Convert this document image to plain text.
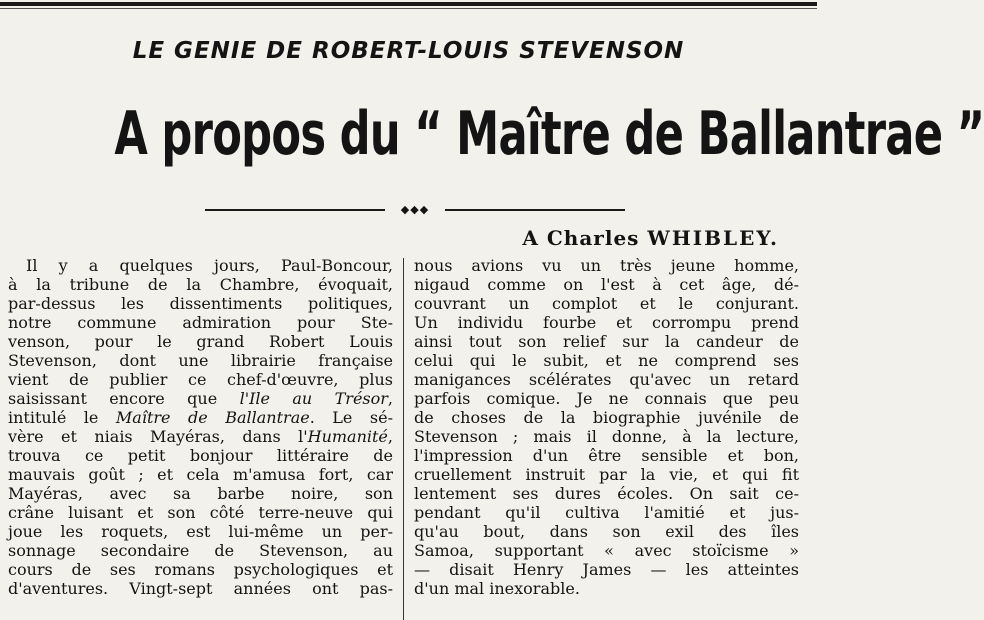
LE GENIE DE ROBERT-LOUIS STEVENSON
A propos du “ Maître de Ballantrae ”
◆◆◆
A Charles WHIBLEY.
Il y a quelques jours, Paul-Boncour,
à la tribune de la Chambre, évoquait,
par-dessus les dissentiments politiques,
notre commune admiration pour Ste-
venson, pour le grand Robert Louis
Stevenson, dont une librairie française
vient de publier ce chef-d'œuvre, plus
saisissant encore que l'Ile au Trésor,
intitulé le Maître de Ballantrae. Le sé-
vère et niais Mayéras, dans l'Humanité,
trouva ce petit bonjour littéraire de
mauvais goût ; et cela m'amusa fort, car
Mayéras, avec sa barbe noire, son
crâne luisant et son côté terre-neuve qui
joue les roquets, est lui-même un per-
sonnage secondaire de Stevenson, au
cours de ses romans psychologiques et
d'aventures. Vingt-sept années ont pas-
nous avions vu un très jeune homme,
nigaud comme on l'est à cet âge, dé-
couvrant un complot et le conjurant.
Un individu fourbe et corrompu prend
ainsi tout son relief sur la candeur de
celui qui le subit, et ne comprend ses
manigances scélérates qu'avec un retard
parfois comique. Je ne connais que peu
de choses de la biographie juvénile de
Stevenson ; mais il donne, à la lecture,
l'impression d'un être sensible et bon,
cruellement instruit par la vie, et qui fit
lentement ses dures écoles. On sait ce-
pendant qu'il cultiva l'amitié et jus-
qu'au bout, dans son exil des îles
Samoa, supportant « avec stoïcisme »
— disait Henry James — les atteintes
d'un mal inexorable.
